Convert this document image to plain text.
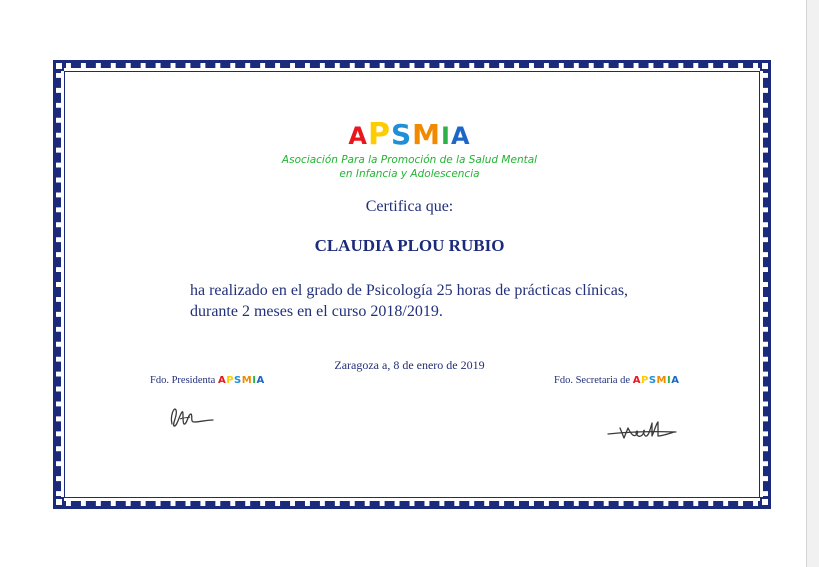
APSMIA
Asociación Para la Promoción de la Salud Mental
en Infancia y Adolescencia
Certifica que:
CLAUDIA PLOU RUBIO
ha realizado en el grado de Psicología 25 horas de prácticas clínicas,
durante 2 meses en el curso 2018/2019.
Zaragoza a, 8 de enero de 2019
Fdo. Presidenta APSMIA	Fdo. Secretaria de APSMIA
